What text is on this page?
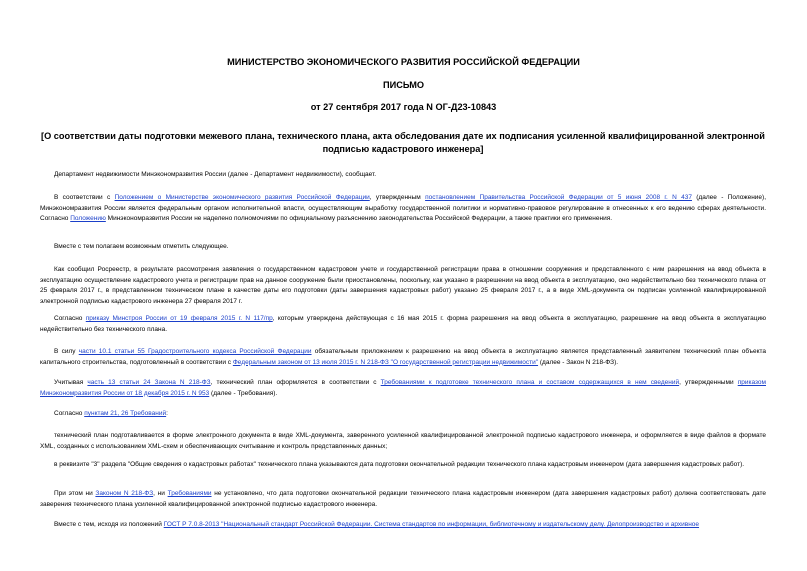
МИНИСТЕРСТВО ЭКОНОМИЧЕСКОГО РАЗВИТИЯ РОССИЙСКОЙ ФЕДЕРАЦИИ

ПИСЬМО

от 27 сентября 2017 года N ОГ-Д23-10843

[О соответствии даты подготовки межевого плана, технического плана, акта обследования дате их подписания усиленной квалифицированной электронной подписью кадастрового инженера]

Департамент недвижимости Минэкономразвития России (далее - Департамент недвижимости), сообщает.

В соответствии с Положением о Министерстве экономического развития Российской Федерации, утвержденным постановлением Правительства Российской Федерации от 5 июня 2008 г. N 437 (далее - Положение), Минэкономразвития России является федеральным органом исполнительной власти, осуществляющим выработку государственной политики и нормативно-правовое регулирование в отнесенных к его ведению сферах деятельности. Согласно Положению Минэкономразвития России не наделено полномочиями по официальному разъяснению законодательства Российской Федерации, а также практики его применения.

Вместе с тем полагаем возможным отметить следующее.

Как сообщил Росреестр, в результате рассмотрения заявления о государственном кадастровом учете и государственной регистрации права в отношении сооружения и представленного с ним разрешения на ввод объекта в эксплуатацию осуществление кадастрового учета и регистрации прав на данное сооружение были приостановлены, поскольку, как указано в разрешении на ввод объекта в эксплуатацию, оно недействительно без технического плана от 25 февраля 2017 г., в представленном техническом плане в качестве даты его подготовки (даты завершения кадастровых работ) указано 25 февраля 2017 г., а в виде XML-документа он подписан усиленной квалифицированной электронной подписью кадастрового инженера 27 февраля 2017 г.

Согласно приказу Минстроя России от 19 февраля 2015 г. N 117/пр, которым утверждена действующая с 16 мая 2015 г. форма разрешения на ввод объекта в эксплуатацию, разрешение на ввод объекта в эксплуатацию недействительно без технического плана.

В силу части 10.1 статьи 55 Градостроительного кодекса Российской Федерации обязательным приложением к разрешению на ввод объекта в эксплуатацию является представленный заявителем технический план объекта капитального строительства, подготовленный в соответствии с Федеральным законом от 13 июля 2015 г. N 218-ФЗ "О государственной регистрации недвижимости" (далее - Закон N 218-ФЗ).

Учитывая часть 13 статьи 24 Закона N 218-ФЗ, технический план оформляется в соответствии с Требованиями к подготовке технического плана и составом содержащихся в нем сведений, утвержденными приказом Минэкономразвития России от 18 декабря 2015 г. N 953 (далее - Требования).

Согласно пунктам 21, 26 Требований:

технический план подготавливается в форме электронного документа в виде XML-документа, заверенного усиленной квалифицированной электронной подписью кадастрового инженера, и оформляется в виде файлов в формате XML, созданных с использованием XML-схем и обеспечивающих считывание и контроль представленных данных;

в реквизите "3" раздела "Общие сведения о кадастровых работах" технического плана указываются дата подготовки окончательной редакции технического плана кадастровым инженером (дата завершения кадастровых работ).

При этом ни Законом N 218-ФЗ, ни Требованиями не установлено, что дата подготовки окончательной редакции технического плана кадастровым инженером (дата завершения кадастровых работ) должна соответствовать дате заверения технического плана усиленной квалифицированной электронной подписью кадастрового инженера.

Вместе с тем, исходя из положений ГОСТ Р 7.0.8-2013 "Национальный стандарт Российской Федерации. Система стандартов по информации, библиотечному и издательскому делу. Делопроизводство и архивное
